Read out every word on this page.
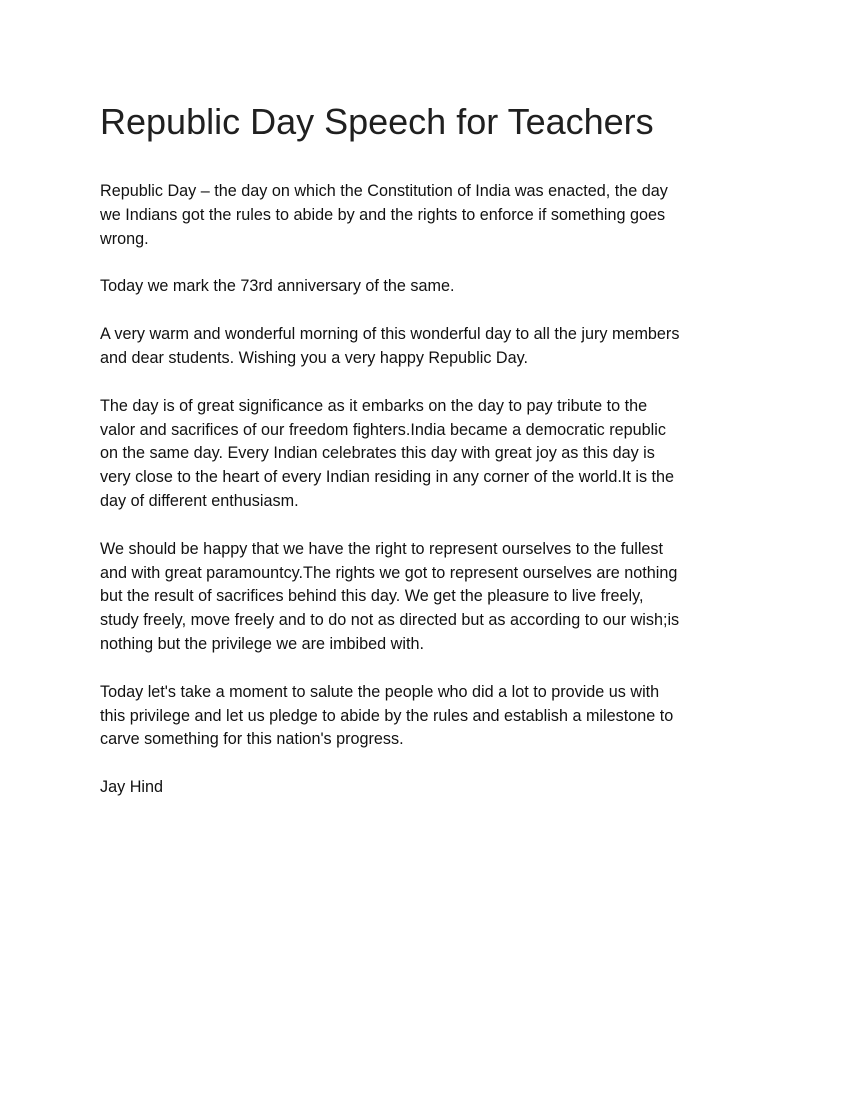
Republic Day Speech for Teachers
Republic Day – the day on which the Constitution of India was enacted, the day
we Indians got the rules to abide by and the rights to enforce if something goes
wrong.
Today we mark the 73rd anniversary of the same.
A very warm and wonderful morning of this wonderful day to all the jury members
and dear students. Wishing you a very happy Republic Day.
The day is of great significance as it embarks on the day to pay tribute to the
valor and sacrifices of our freedom fighters.India became a democratic republic
on the same day. Every Indian celebrates this day with great joy as this day is
very close to the heart of every Indian residing in any corner of the world.It is the
day of different enthusiasm.
We should be happy that we have the right to represent ourselves to the fullest
and with great paramountcy.The rights we got to represent ourselves are nothing
but the result of sacrifices behind this day. We get the pleasure to live freely,
study freely, move freely and to do not as directed but as according to our wish;is
nothing but the privilege we are imbibed with.
Today let's take a moment to salute the people who did a lot to provide us with
this privilege and let us pledge to abide by the rules and establish a milestone to
carve something for this nation's progress.
Jay Hind
